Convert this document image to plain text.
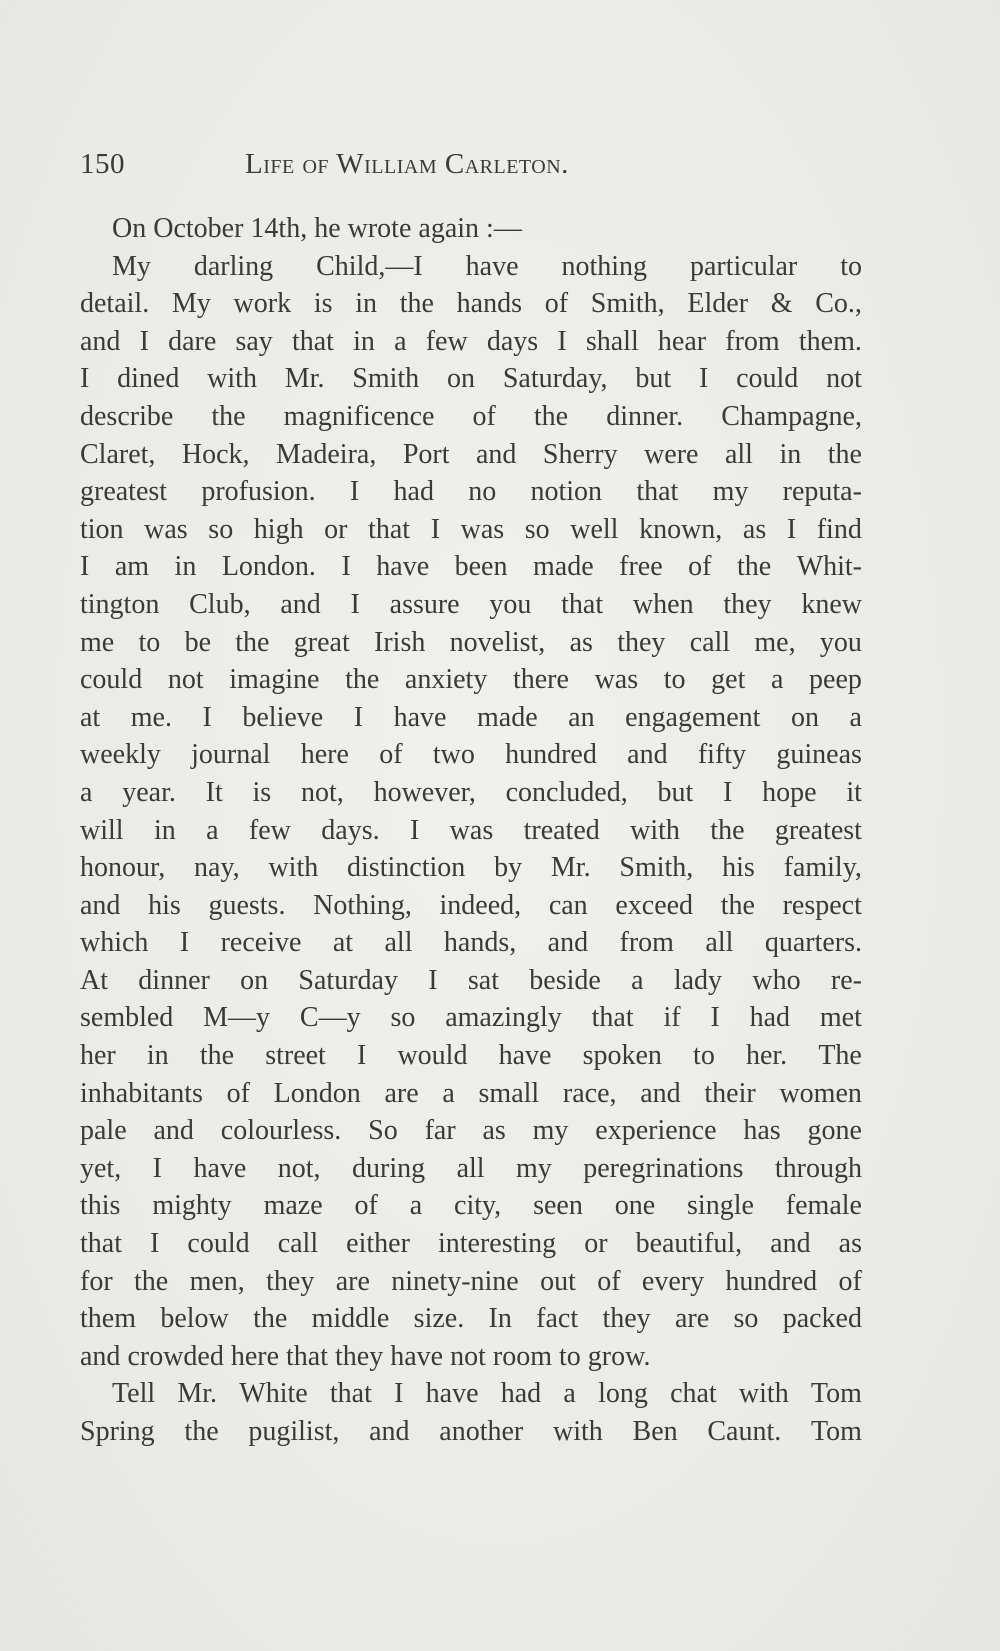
150	Life of William Carleton.
On October 14th, he wrote again :—
My darling Child,—I have nothing particular to
detail. My work is in the hands of Smith, Elder & Co.,
and I dare say that in a few days I shall hear from them.
I dined with Mr. Smith on Saturday, but I could not
describe the magnificence of the dinner. Champagne,
Claret, Hock, Madeira, Port and Sherry were all in the
greatest profusion. I had no notion that my reputa-
tion was so high or that I was so well known, as I find
I am in London. I have been made free of the Whit-
tington Club, and I assure you that when they knew
me to be the great Irish novelist, as they call me, you
could not imagine the anxiety there was to get a peep
at me. I believe I have made an engagement on a
weekly journal here of two hundred and fifty guineas
a year. It is not, however, concluded, but I hope it
will in a few days. I was treated with the greatest
honour, nay, with distinction by Mr. Smith, his family,
and his guests. Nothing, indeed, can exceed the respect
which I receive at all hands, and from all quarters.
At dinner on Saturday I sat beside a lady who re-
sembled M—y C—y so amazingly that if I had met
her in the street I would have spoken to her. The
inhabitants of London are a small race, and their women
pale and colourless. So far as my experience has gone
yet, I have not, during all my peregrinations through
this mighty maze of a city, seen one single female
that I could call either interesting or beautiful, and as
for the men, they are ninety-nine out of every hundred of
them below the middle size. In fact they are so packed
and crowded here that they have not room to grow.
Tell Mr. White that I have had a long chat with Tom
Spring the pugilist, and another with Ben Caunt. Tom
